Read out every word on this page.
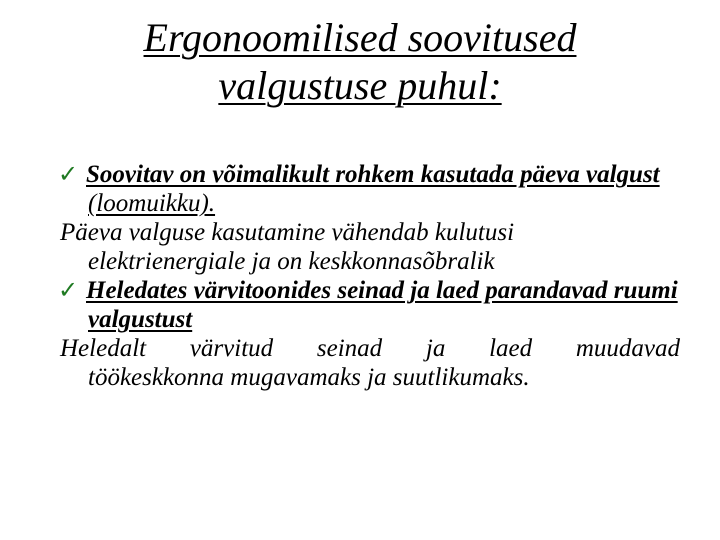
Ergonoomilised soovitused
valgustuse puhul:

✓ Soovitav on võimalikult rohkem kasutada päeva valgust (loomuikku).

Päeva valguse kasutamine vähendab kulutusi
elektrienergiale ja on keskkonnasõbralik

✓ Heledates värvitoonides seinad ja laed parandavad ruumi valgustust

Heledalt värvitud seinad ja laed muudavad
töökeskkonna mugavamaks ja suutlikumaks.
